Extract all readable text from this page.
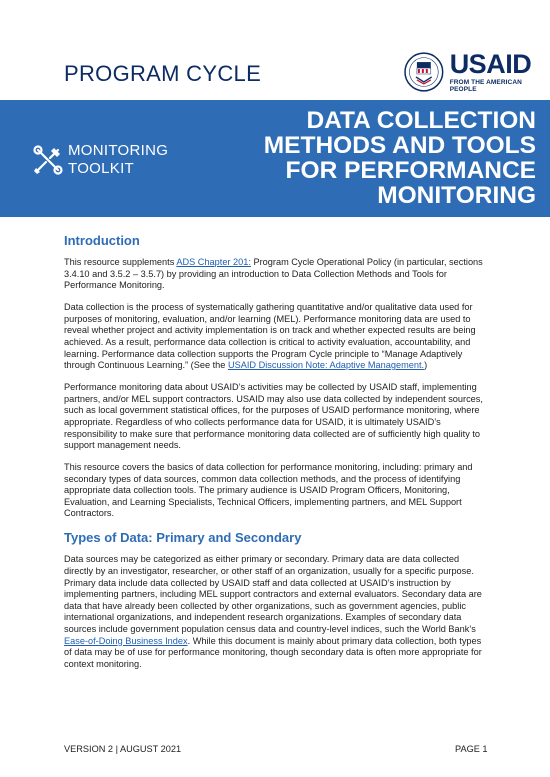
PROGRAM CYCLE	USAID
FROM THE AMERICAN PEOPLE
MONITORING
TOOLKIT
DATA COLLECTION
METHODS AND TOOLS
FOR PERFORMANCE
MONITORING
Introduction

This resource supplements ADS Chapter 201: Program Cycle Operational Policy (in particular, sections 3.4.10 and 3.5.2 – 3.5.7) by providing an introduction to Data Collection Methods and Tools for Performance Monitoring.

Data collection is the process of systematically gathering quantitative and/or qualitative data used for purposes of monitoring, evaluation, and/or learning (MEL). Performance monitoring data are used to reveal whether project and activity implementation is on track and whether expected results are being achieved. As a result, performance data collection is critical to activity evaluation, accountability, and learning. Performance data collection supports the Program Cycle principle to “Manage Adaptively through Continuous Learning.” (See the USAID Discussion Note: Adaptive Management.)

Performance monitoring data about USAID’s activities may be collected by USAID staff, implementing partners, and/or MEL support contractors. USAID may also use data collected by independent sources, such as local government statistical offices, for the purposes of USAID performance monitoring, where appropriate. Regardless of who collects performance data for USAID, it is ultimately USAID’s responsibility to make sure that performance monitoring data collected are of sufficiently high quality to support management needs.

This resource covers the basics of data collection for performance monitoring, including: primary and secondary types of data sources, common data collection methods, and the process of identifying appropriate data collection tools. The primary audience is USAID Program Officers, Monitoring, Evaluation, and Learning Specialists, Technical Officers, implementing partners, and MEL Support Contractors.

Types of Data: Primary and Secondary

Data sources may be categorized as either primary or secondary. Primary data are data collected directly by an investigator, researcher, or other staff of an organization, usually for a specific purpose. Primary data include data collected by USAID staff and data collected at USAID’s instruction by implementing partners, including MEL support contractors and external evaluators. Secondary data are data that have already been collected by other organizations, such as government agencies, public international organizations, and independent research organizations. Examples of secondary data sources include government population census data and country-level indices, such the World Bank’s Ease-of-Doing Business Index. While this document is mainly about primary data collection, both types of data may be of use for performance monitoring, though secondary data is often more appropriate for context monitoring.

VERSION 2 | AUGUST 2021	PAGE 1
